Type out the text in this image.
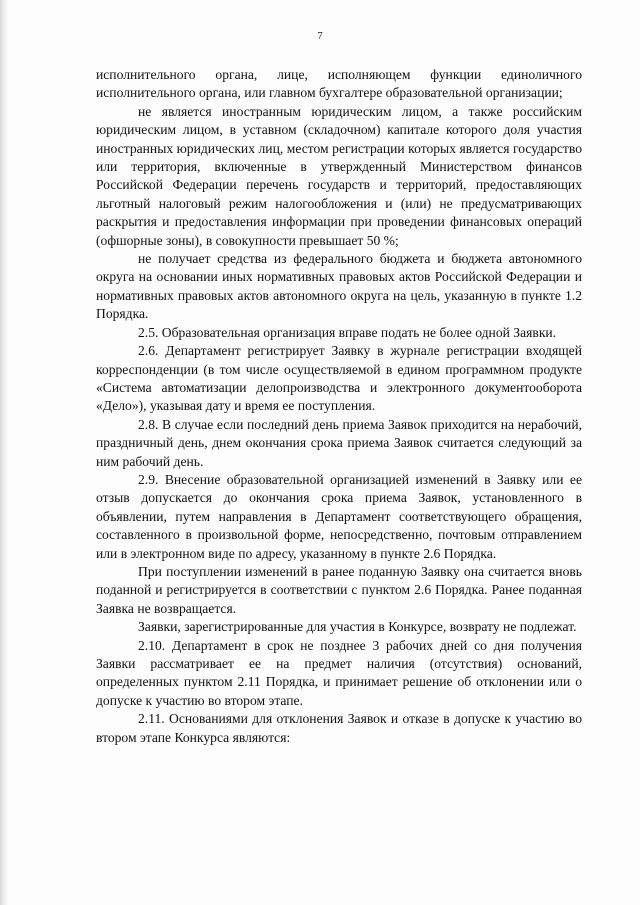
7

исполнительного органа, лице, исполняющем функции единоличного исполнительного органа, или главном бухгалтере образовательной организации;

не является иностранным юридическим лицом, а также российским юридическим лицом, в уставном (складочном) капитале которого доля участия иностранных юридических лиц, местом регистрации которых является государство или территория, включенные в утвержденный Министерством финансов Российской Федерации перечень государств и территорий, предоставляющих льготный налоговый режим налогообложения и (или) не предусматривающих раскрытия и предоставления информации при проведении финансовых операций (офшорные зоны), в совокупности превышает 50 %;

не получает средства из федерального бюджета и бюджета автономного округа на основании иных нормативных правовых актов Российской Федерации и нормативных правовых актов автономного округа на цель, указанную в пункте 1.2 Порядка.

2.5. Образовательная организация вправе подать не более одной Заявки.

2.6. Департамент регистрирует Заявку в журнале регистрации входящей корреспонденции (в том числе осуществляемой в едином программном продукте «Система автоматизации делопроизводства и электронного документооборота «Дело»), указывая дату и время ее поступления.

2.8. В случае если последний день приема Заявок приходится на нерабочий, праздничный день, днем окончания срока приема Заявок считается следующий за ним рабочий день.

2.9. Внесение образовательной организацией изменений в Заявку или ее отзыв допускается до окончания срока приема Заявок, установленного в объявлении, путем направления в Департамент соответствующего обращения, составленного в произвольной форме, непосредственно, почтовым отправлением или в электронном виде по адресу, указанному в пункте 2.6 Порядка.

При поступлении изменений в ранее поданную Заявку она считается вновь поданной и регистрируется в соответствии с пунктом 2.6 Порядка. Ранее поданная Заявка не возвращается.

Заявки, зарегистрированные для участия в Конкурсе, возврату не подлежат.

2.10. Департамент в срок не позднее 3 рабочих дней со дня получения Заявки рассматривает ее на предмет наличия (отсутствия) оснований, определенных пунктом 2.11 Порядка, и принимает решение об отклонении или о допуске к участию во втором этапе.

2.11. Основаниями для отклонения Заявок и отказе в допуске к участию во втором этапе Конкурса являются:
